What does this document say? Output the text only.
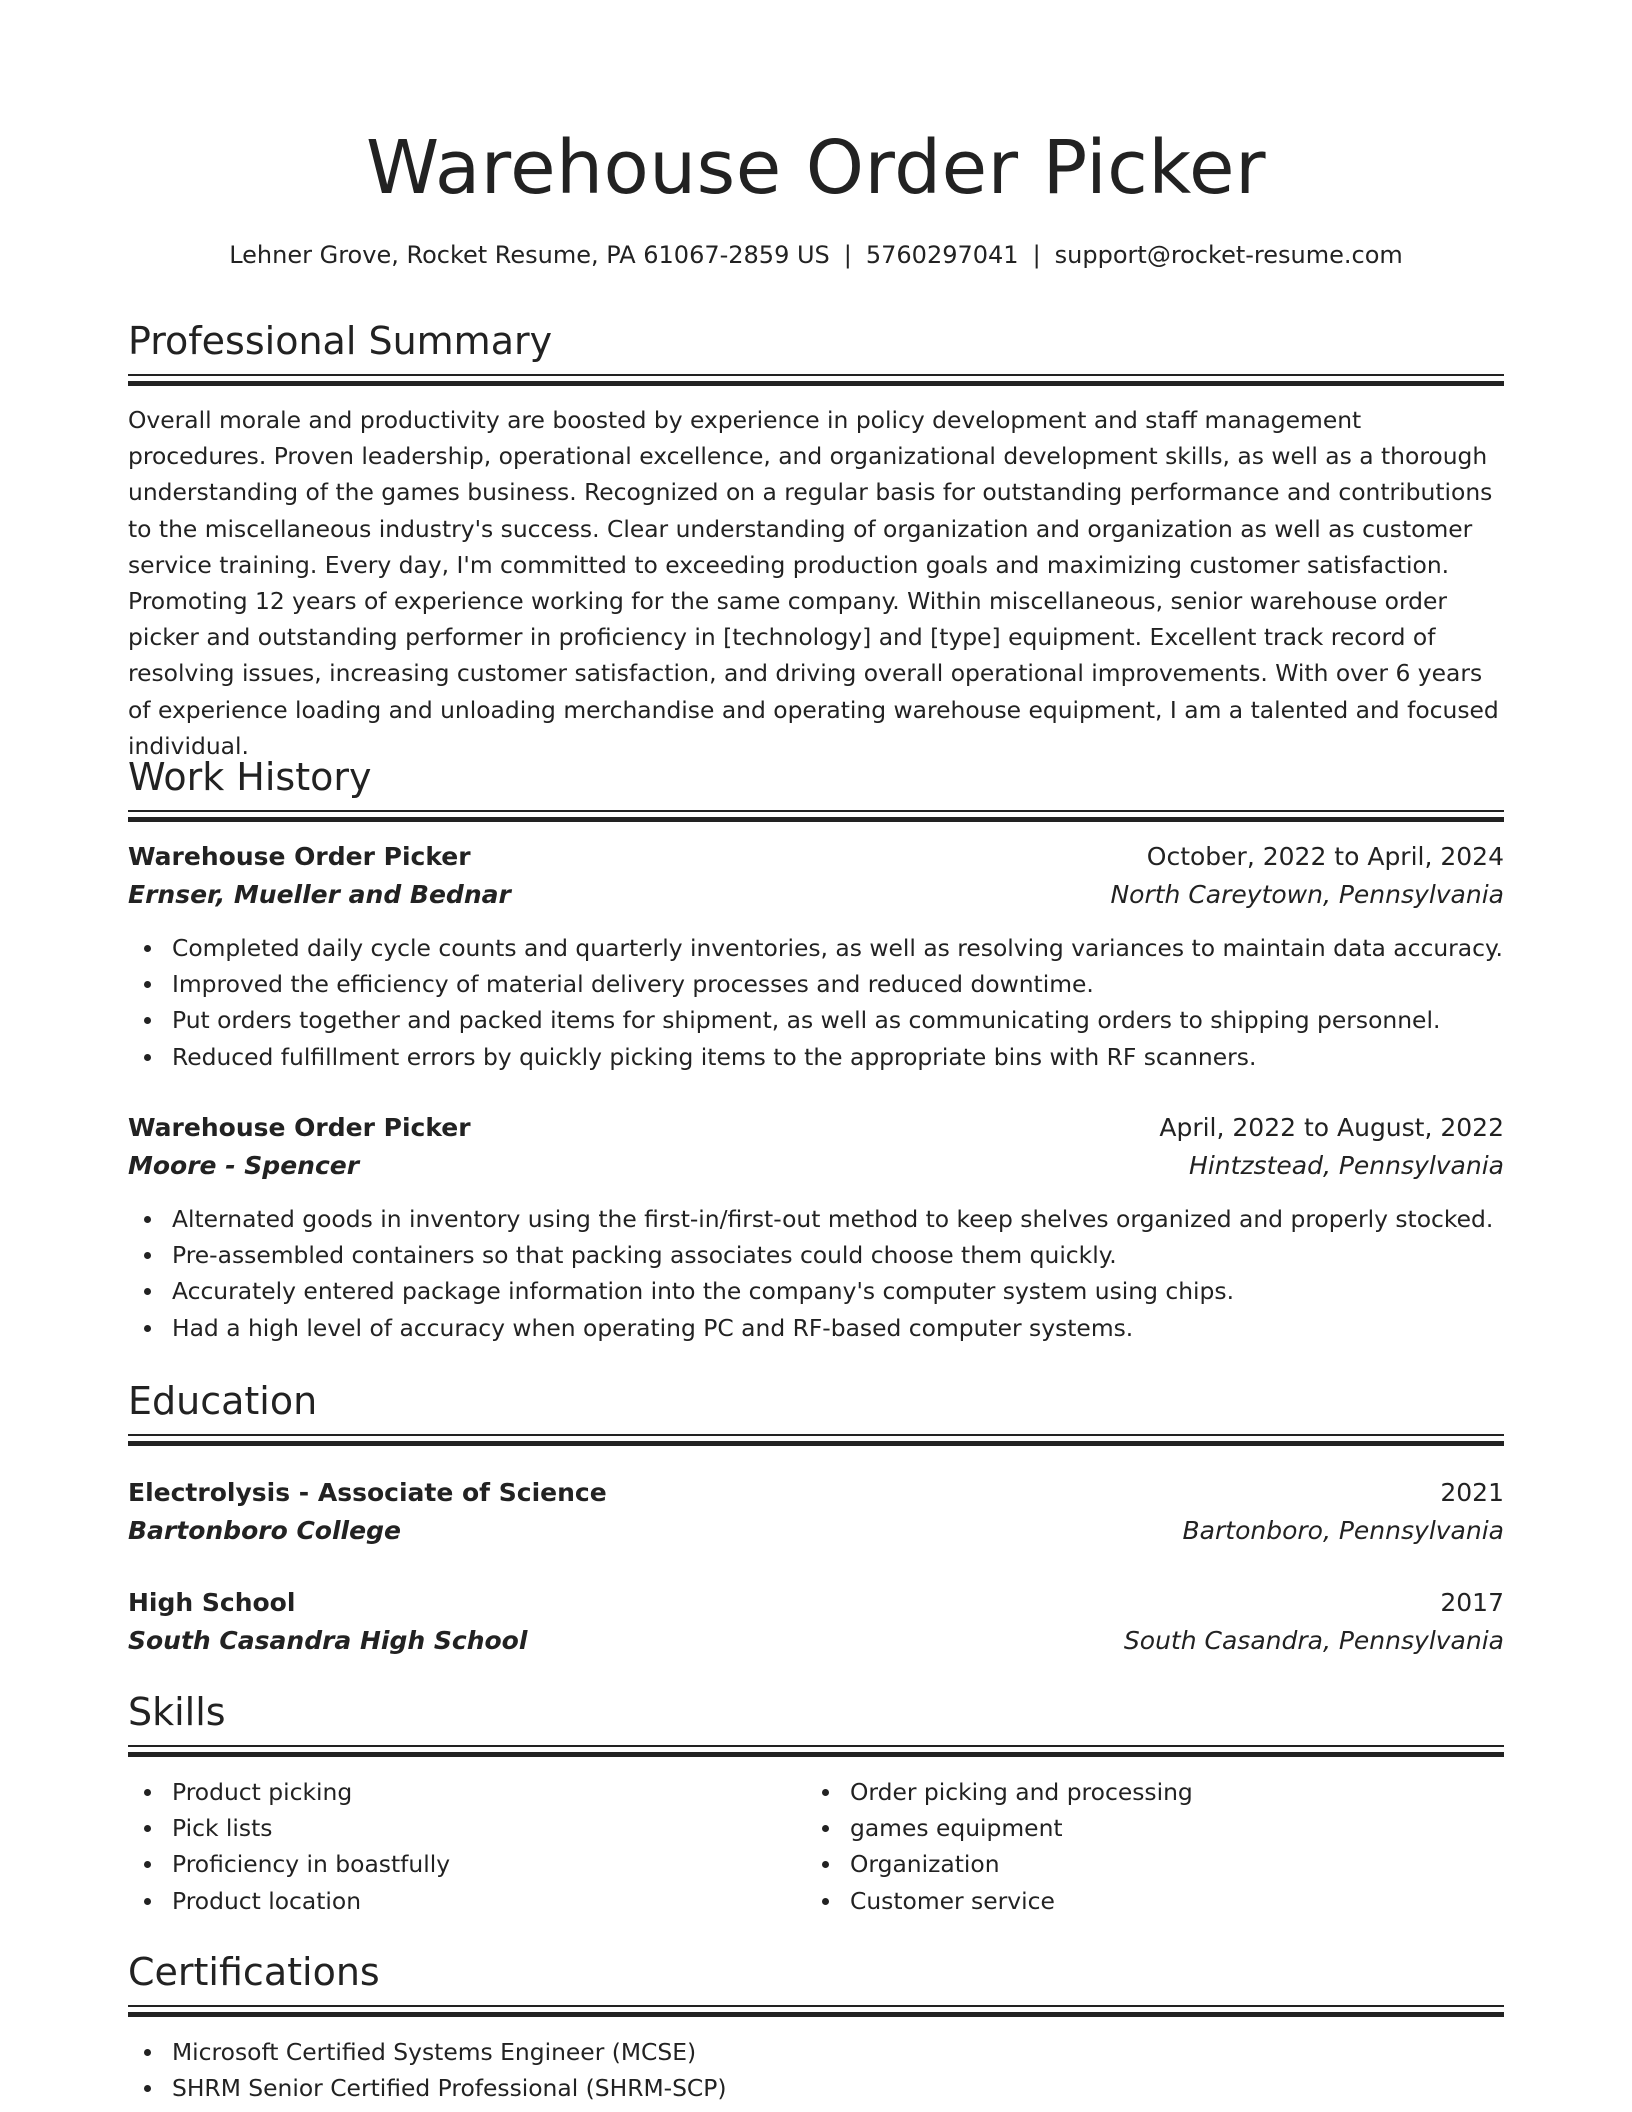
Warehouse Order Picker
Lehner Grove, Rocket Resume, PA 61067-2859 US | 5760297041 | support@rocket-resume.com
Professional Summary

Overall morale and productivity are boosted by experience in policy development and staff management procedures. Proven leadership, operational excellence, and organizational development skills, as well as a thorough understanding of the games business. Recognized on a regular basis for outstanding performance and contributions to the miscellaneous industry's success. Clear understanding of organization and organization as well as customer service training. Every day, I'm committed to exceeding production goals and maximizing customer satisfaction. Promoting 12 years of experience working for the same company. Within miscellaneous, senior warehouse order picker and outstanding performer in proficiency in [technology] and [type] equipment. Excellent track record of resolving issues, increasing customer satisfaction, and driving overall operational improvements. With over 6 years of experience loading and unloading merchandise and operating warehouse equipment, I am a talented and focused individual.

Work History
Warehouse Order Picker	October, 2022 to April, 2024
Ernser, Mueller and Bednar	North Careytown, Pennsylvania
Completed daily cycle counts and quarterly inventories, as well as resolving variances to maintain data accuracy.
Improved the efficiency of material delivery processes and reduced downtime.
Put orders together and packed items for shipment, as well as communicating orders to shipping personnel.
Reduced fulfillment errors by quickly picking items to the appropriate bins with RF scanners.
Warehouse Order Picker	April, 2022 to August, 2022
Moore - Spencer	Hintzstead, Pennsylvania
Alternated goods in inventory using the first-in/first-out method to keep shelves organized and properly stocked.
Pre-assembled containers so that packing associates could choose them quickly.
Accurately entered package information into the company's computer system using chips.
Had a high level of accuracy when operating PC and RF-based computer systems.
Education
Electrolysis - Associate of Science	2021
Bartonboro College	Bartonboro, Pennsylvania
High School	2017
South Casandra High School	South Casandra, Pennsylvania
Skills
Product picking
Pick lists
Proficiency in boastfully
Product location
Order picking and processing
games equipment
Organization
Customer service
Certifications
Microsoft Certified Systems Engineer (MCSE)
SHRM Senior Certified Professional (SHRM-SCP)
